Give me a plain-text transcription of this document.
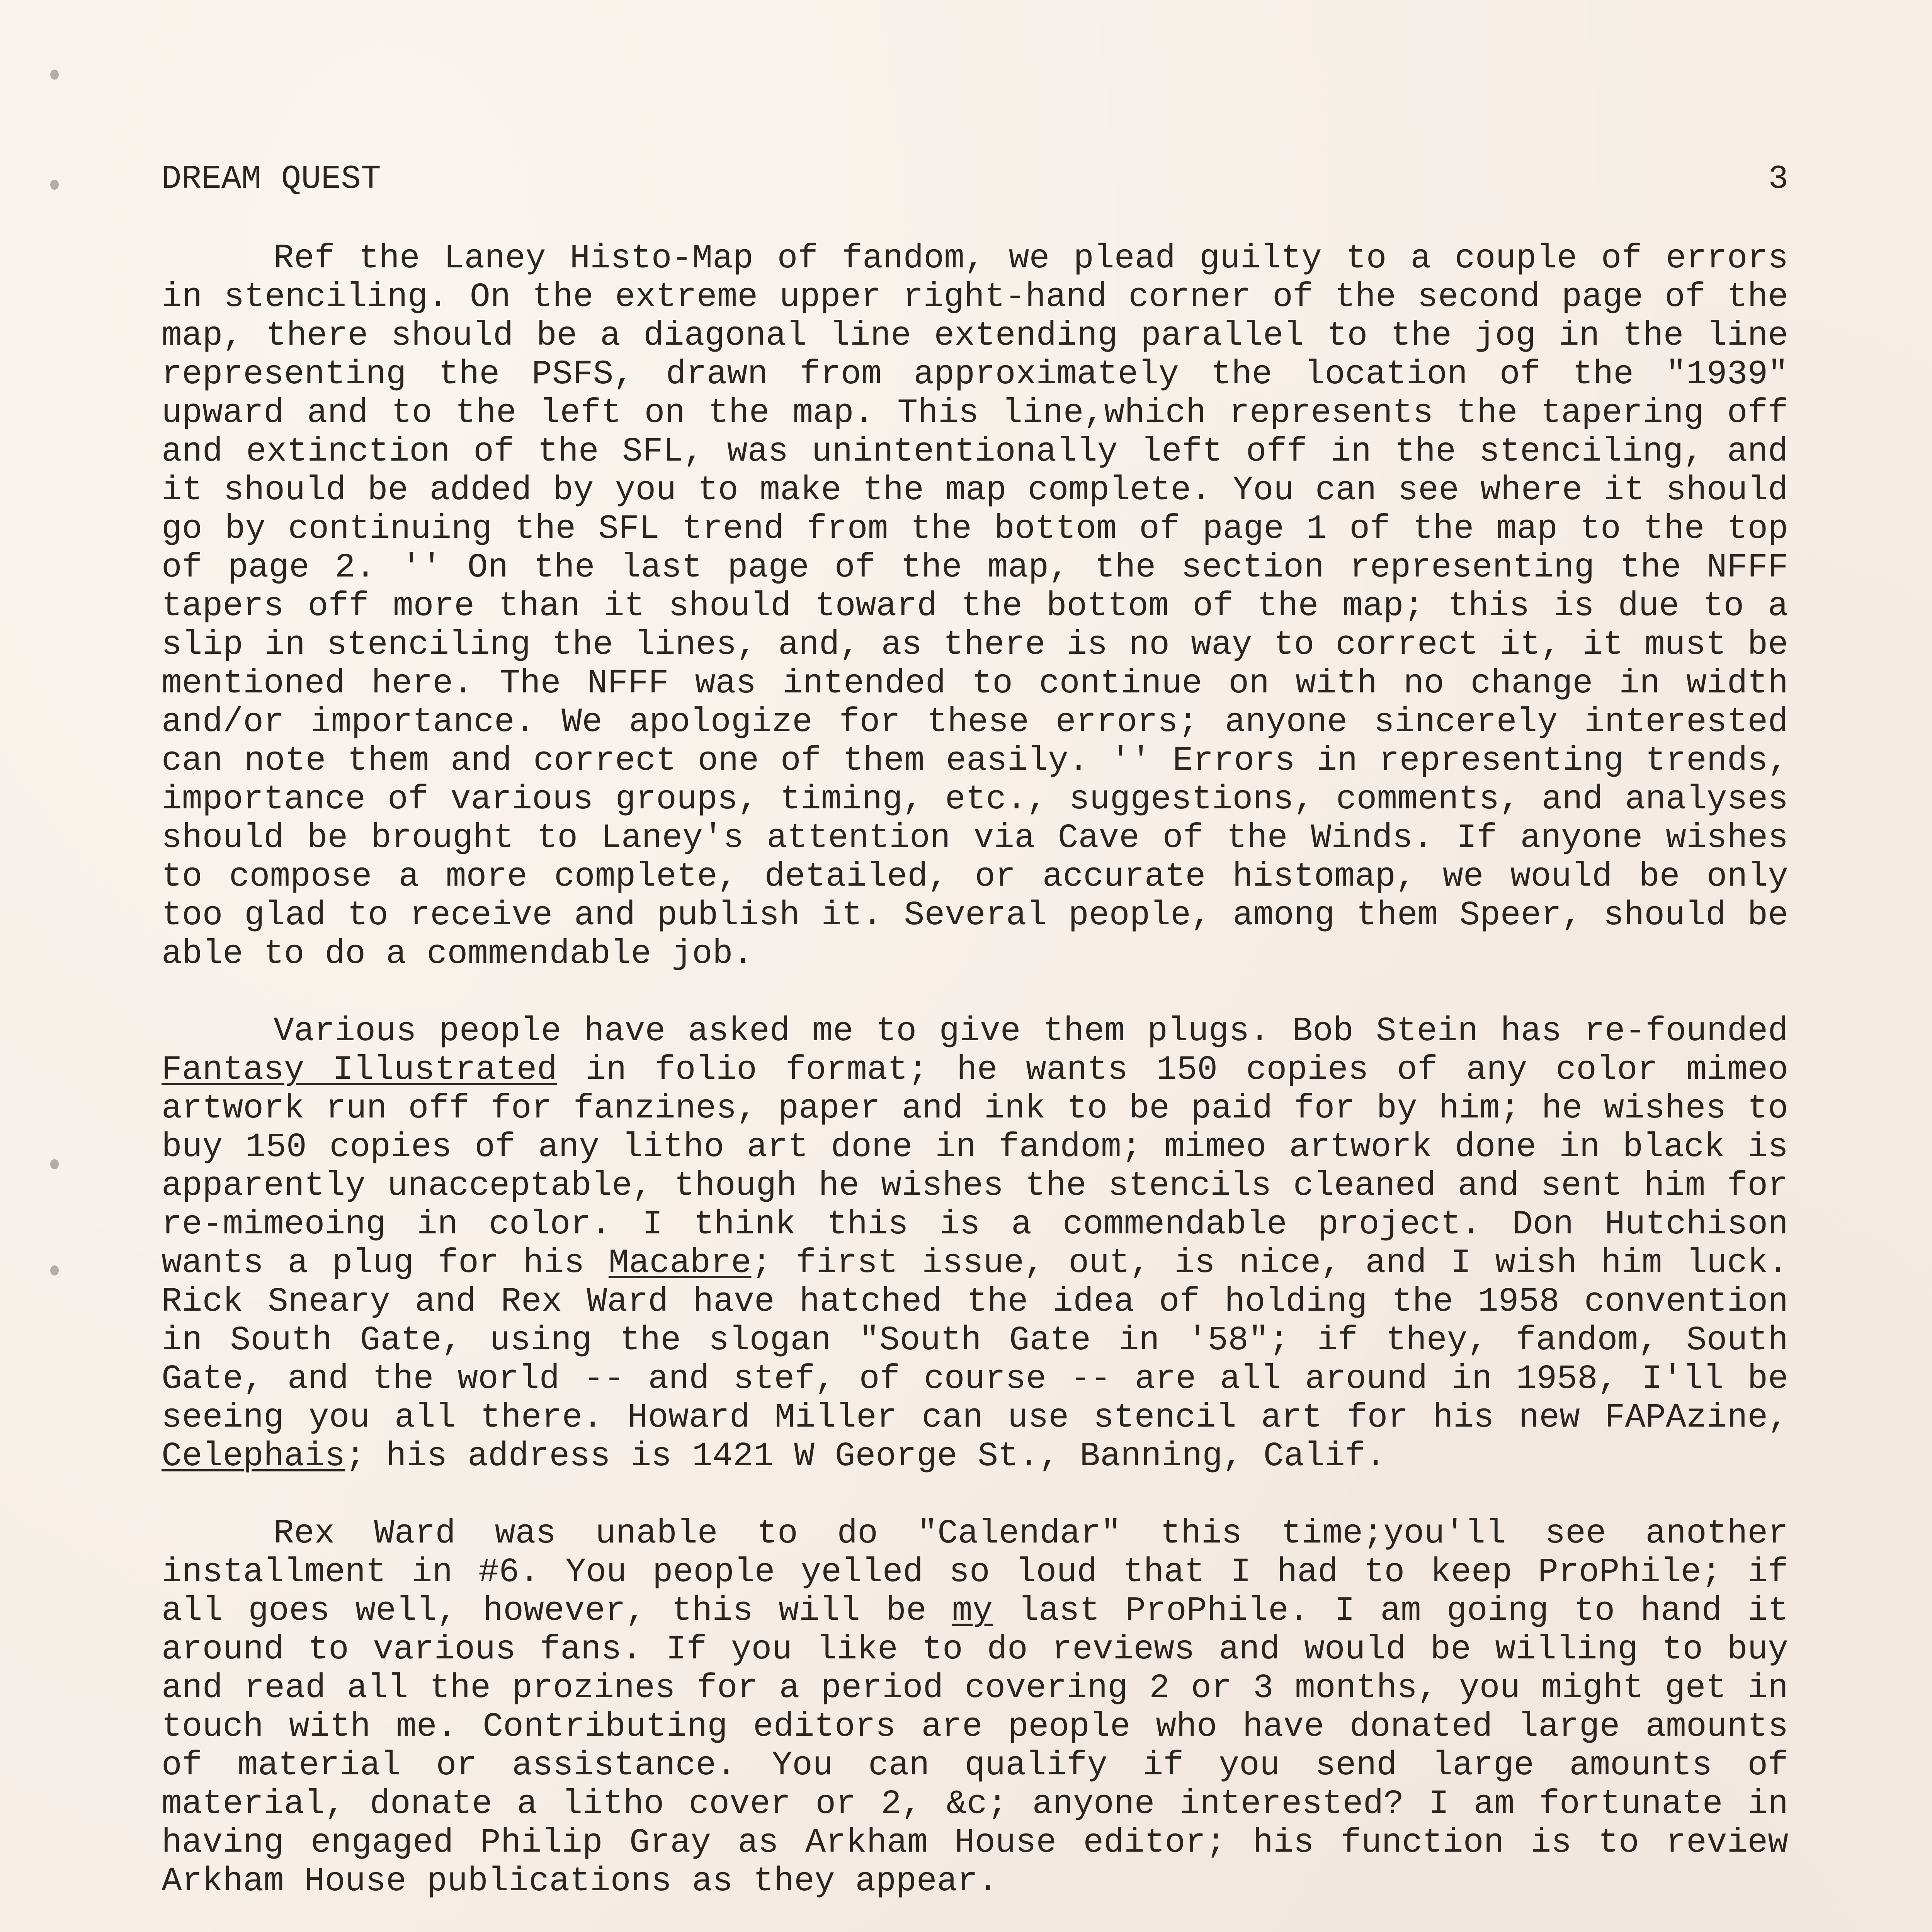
DREAM QUEST	3

Ref the Laney Histo-Map of fandom, we plead guilty to a couple of errors in stenciling. On the extreme upper right-hand corner of the second page of the map, there should be a diagonal line extending parallel to the jog in the line representing the PSFS, drawn from approximately the location of the "1939" upward and to the left on the map. This line,which represents the tapering off and extinction of the SFL, was unintentionally left off in the stenciling, and it should be added by you to make the map complete. You can see where it should go by continuing the SFL trend from the bottom of page 1 of the map to the top of page 2. '' On the last page of the map, the section representing the NFFF tapers off more than it should toward the bottom of the map; this is due to a slip in stenciling the lines, and, as there is no way to correct it, it must be mentioned here. The NFFF was intended to continue on with no change in width and/or importance. We apologize for these errors; anyone sincerely interested can note them and correct one of them easily. '' Errors in representing trends, importance of various groups, timing, etc., suggestions, comments, and analyses should be brought to Laney's attention via Cave of the Winds. If anyone wishes to compose a more complete, detailed, or accurate histomap, we would be only too glad to receive and publish it. Several people, among them Speer, should be able to do a commendable job.

Various people have asked me to give them plugs. Bob Stein has re-founded Fantasy Illustrated in folio format; he wants 150 copies of any color mimeo artwork run off for fanzines, paper and ink to be paid for by him; he wishes to buy 150 copies of any litho art done in fandom; mimeo artwork done in black is apparently unacceptable, though he wishes the stencils cleaned and sent him for re-mimeoing in color. I think this is a commendable project. Don Hutchison wants a plug for his Macabre; first issue, out, is nice, and I wish him luck. Rick Sneary and Rex Ward have hatched the idea of holding the 1958 convention in South Gate, using the slogan "South Gate in '58"; if they, fandom, South Gate, and the world -- and stef, of course -- are all around in 1958, I'll be seeing you all there. Howard Miller can use stencil art for his new FAPAzine, Celephais; his address is 1421 W George St., Banning, Calif.

Rex Ward was unable to do "Calendar" this time;you'll see another installment in #6. You people yelled so loud that I had to keep ProPhile; if all goes well, however, this will be my last ProPhile. I am going to hand it around to various fans. If you like to do reviews and would be willing to buy and read all the prozines for a period covering 2 or 3 months, you might get in touch with me. Contributing editors are people who have donated large amounts of material or assistance. You can qualify if you send large amounts of material, donate a litho cover or 2, &c; anyone interested? I am fortunate in having engaged Philip Gray as Arkham House editor; his function is to review Arkham House publications as they appear.
